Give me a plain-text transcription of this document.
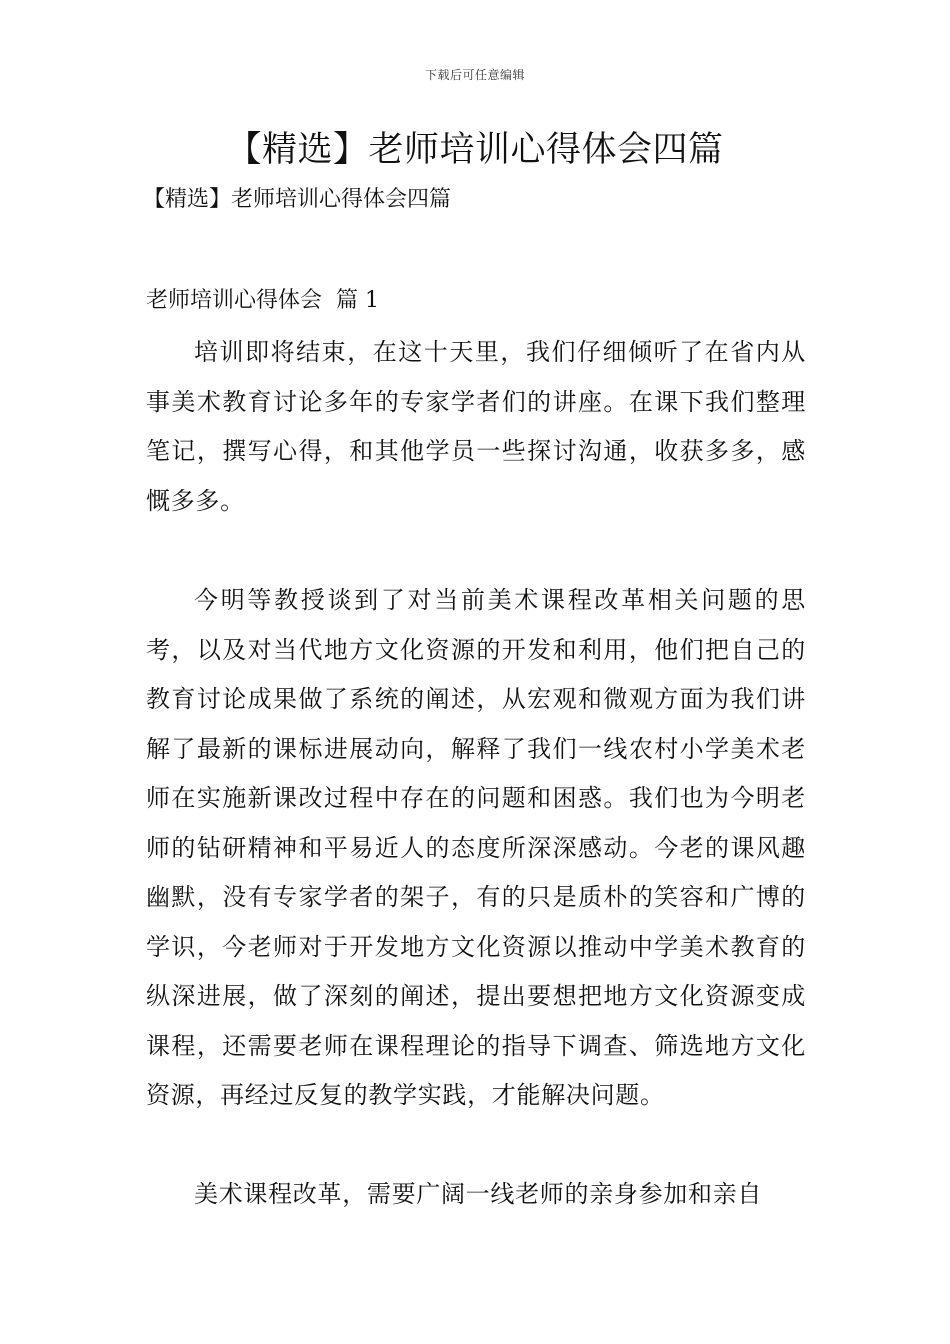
下载后可任意编辑
【精选】老师培训心得体会四篇
【精选】老师培训心得体会四篇
老师培训心得体会  篇 1

培训即将结束，在这十天里，我们仔细倾听了在省内从事美术教育讨论多年的专家学者们的讲座。在课下我们整理笔记，撰写心得，和其他学员一些探讨沟通，收获多多，感慨多多。

今明等教授谈到了对当前美术课程改革相关问题的思考，以及对当代地方文化资源的开发和利用，他们把自己的教育讨论成果做了系统的阐述，从宏观和微观方面为我们讲解了最新的课标进展动向，解释了我们一线农村小学美术老师在实施新课改过程中存在的问题和困惑。我们也为今明老师的钻研精神和平易近人的态度所深深感动。今老的课风趣幽默，没有专家学者的架子，有的只是质朴的笑容和广博的学识，今老师对于开发地方文化资源以推动中学美术教育的纵深进展，做了深刻的阐述，提出要想把地方文化资源变成课程，还需要老师在课程理论的指导下调查、筛选地方文化资源，再经过反复的教学实践，才能解决问题。

美术课程改革，需要广阔一线老师的亲身参加和亲自
